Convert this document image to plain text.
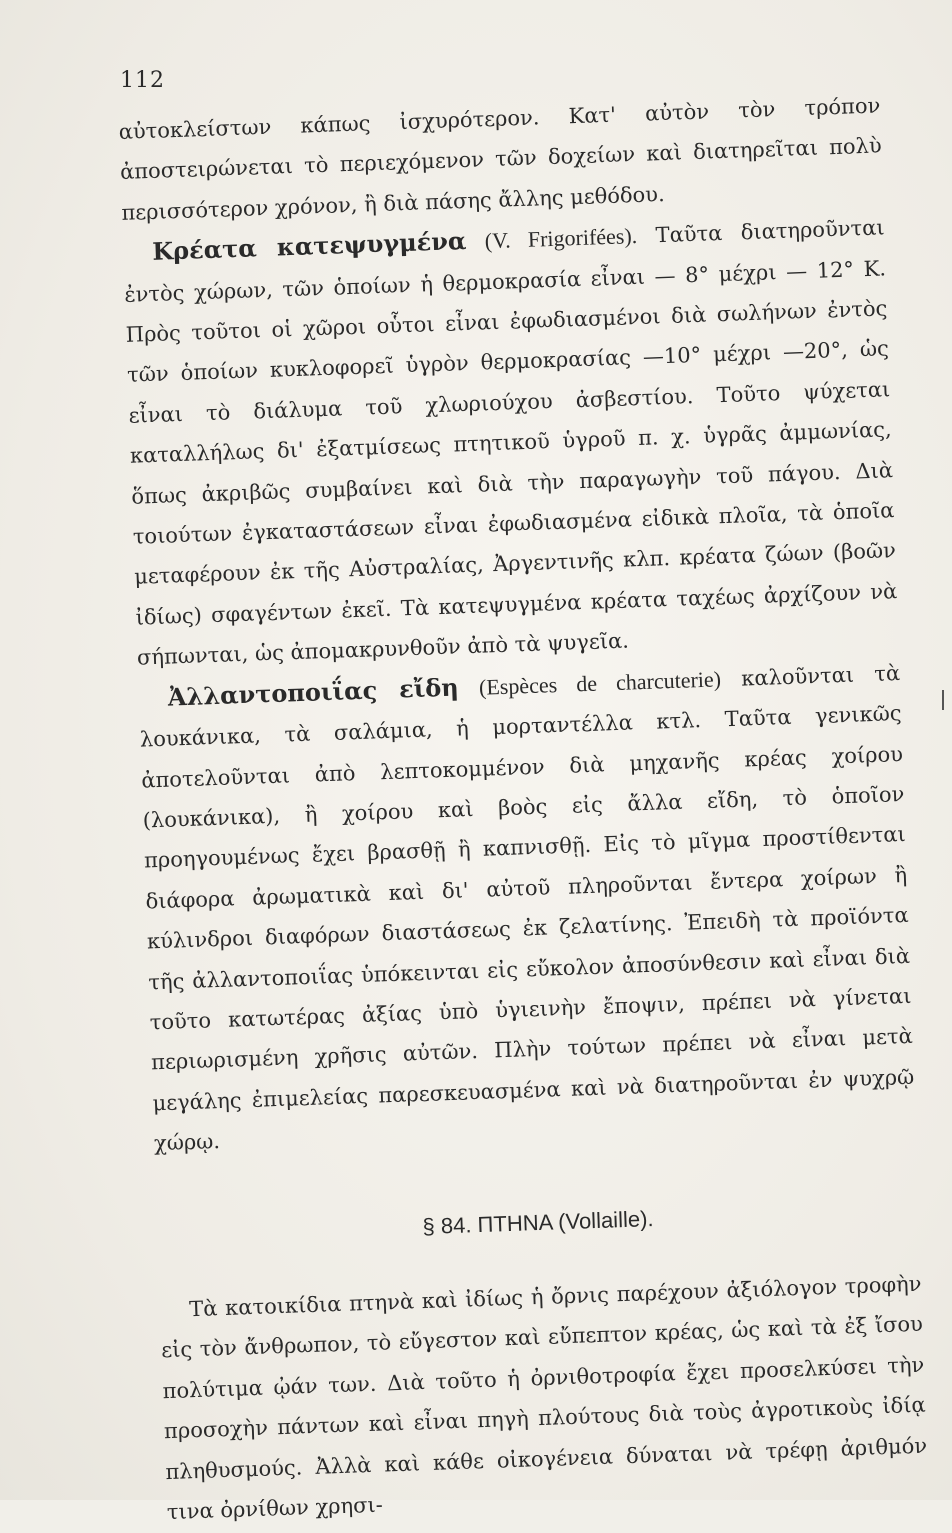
112

αὐτοκλείστων κάπως ἰσχυρότερον. Κατ' αὐτὸν τὸν τρόπον ἀποστειρώνεται τὸ περιεχόμενον τῶν δοχείων καὶ διατηρεῖται πολὺ περισσότερον χρόνον, ἢ διὰ πάσης ἄλλης μεθόδου.

Κρέατα κατεψυγμένα (V. Frigorifées). Ταῦτα διατηροῦνται ἐντὸς χώρων, τῶν ὁποίων ἡ θερμοκρασία εἶναι — 8° μέχρι — 12° K. Πρὸς τοῦτοι οἱ χῶροι οὗτοι εἶναι ἐφωδιασμένοι διὰ σωλήνων ἐντὸς τῶν ὁποίων κυκλοφορεῖ ὑγρὸν θερμοκρασίας —10° μέχρι —20°, ὡς εἶναι τὸ διάλυμα τοῦ χλωριούχου ἀσβεστίου. Τοῦτο ψύχεται καταλλήλως δι' ἐξατμίσεως πτητικοῦ ὑγροῦ π. χ. ὑγρᾶς ἀμμωνίας, ὅπως ἀκριβῶς συμβαίνει καὶ διὰ τὴν παραγωγὴν τοῦ πάγου. Διὰ τοιούτων ἐγκαταστάσεων εἶναι ἐφωδιασμένα εἰδικὰ πλοῖα, τὰ ὁποῖα μεταφέρουν ἐκ τῆς Αὐστραλίας, Ἀργεντινῆς κλπ. κρέατα ζώων (βοῶν ἰδίως) σφαγέντων ἐκεῖ. Τὰ κατεψυγμένα κρέατα ταχέως ἀρχίζουν νὰ σήπωνται, ὡς ἀπομακρυνθοῦν ἀπὸ τὰ ψυγεῖα.

Ἀλλαντοποιΐας εἴδη (Espèces de charcuterie) καλοῦνται τὰ λουκάνικα, τὰ σαλάμια, ἡ μορταντέλλα κτλ. Ταῦτα γενικῶς ἀποτελοῦνται ἀπὸ λεπτοκομμένον διὰ μηχανῆς κρέας χοίρου (λουκάνικα), ἢ χοίρου καὶ βοὸς εἰς ἄλλα εἴδη, τὸ ὁποῖον προηγουμένως ἔχει βρασθῇ ἢ καπνισθῇ. Εἰς τὸ μῖγμα προστίθενται διάφορα ἀρωματικὰ καὶ δι' αὐτοῦ πληροῦνται ἔντερα χοίρων ἢ κύλινδροι διαφόρων διαστάσεως ἐκ ζελατίνης. Ἐπειδὴ τὰ προϊόντα τῆς ἀλλαντοποιΐας ὑπόκεινται εἰς εὔκολον ἀποσύνθεσιν καὶ εἶναι διὰ τοῦτο κατωτέρας ἀξίας ὑπὸ ὑγιεινὴν ἔποψιν, πρέπει νὰ γίνεται περιωρισμένη χρῆσις αὐτῶν. Πλὴν τούτων πρέπει νὰ εἶναι μετὰ μεγάλης ἐπιμελείας παρεσκευασμένα καὶ νὰ διατηροῦνται ἐν ψυχρῷ χώρῳ.

§ 84. ΠΤΗΝΑ (Vollaille).

Τὰ κατοικίδια πτηνὰ καὶ ἰδίως ἡ ὄρνις παρέχουν ἀξιόλογον τροφὴν εἰς τὸν ἄνθρωπον, τὸ εὔγεστον καὶ εὔπεπτον κρέας, ὡς καὶ τὰ ἐξ ἴσου πολύτιμα ᾠάν των. Διὰ τοῦτο ἡ ὀρνιθοτροφία ἔχει προσελκύσει τὴν προσοχὴν πάντων καὶ εἶναι πηγὴ πλούτους διὰ τοὺς ἀγροτικοὺς ἰδίᾳ πληθυσμούς. Ἀλλὰ καὶ κάθε οἰκογένεια δύναται νὰ τρέφῃ ἀριθμόν τινα ὀρνίθων χρησι-
